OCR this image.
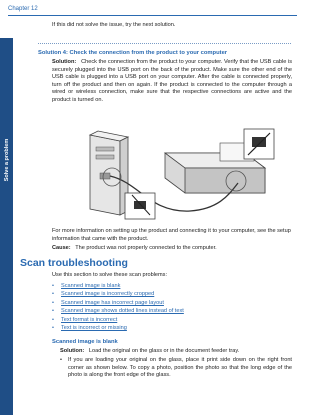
Chapter 12
Solve a problem
If this did not solve the issue, try the next solution.
Solution 4: Check the connection from the product to your computer
Solution: Check the connection from the product to your computer. Verify that the USB cable is securely plugged into the USB port on the back of the product. Make sure the other end of the USB cable is plugged into a USB port on your computer. After the cable is connected properly, turn off the product and then on again. If the product is connected to the computer through a wired or wireless connection, make sure that the respective connections are active and the product is turned on.
For more information on setting up the product and connecting it to your computer, see the setup information that came with the product.
Cause: The product was not properly connected to the computer.
Scan troubleshooting
Use this section to solve these scan problems:
• Scanned image is blank
• Scanned image is incorrectly cropped
• Scanned image has incorrect page layout
• Scanned image shows dotted lines instead of text
• Text format is incorrect
• Text is incorrect or missing
Scanned image is blank
Solution: Load the original on the glass or in the document feeder tray.
• If you are loading your original on the glass, place it print side down on the right front corner as shown below. To copy a photo, position the photo so that the long edge of the photo is along the front edge of the glass.
